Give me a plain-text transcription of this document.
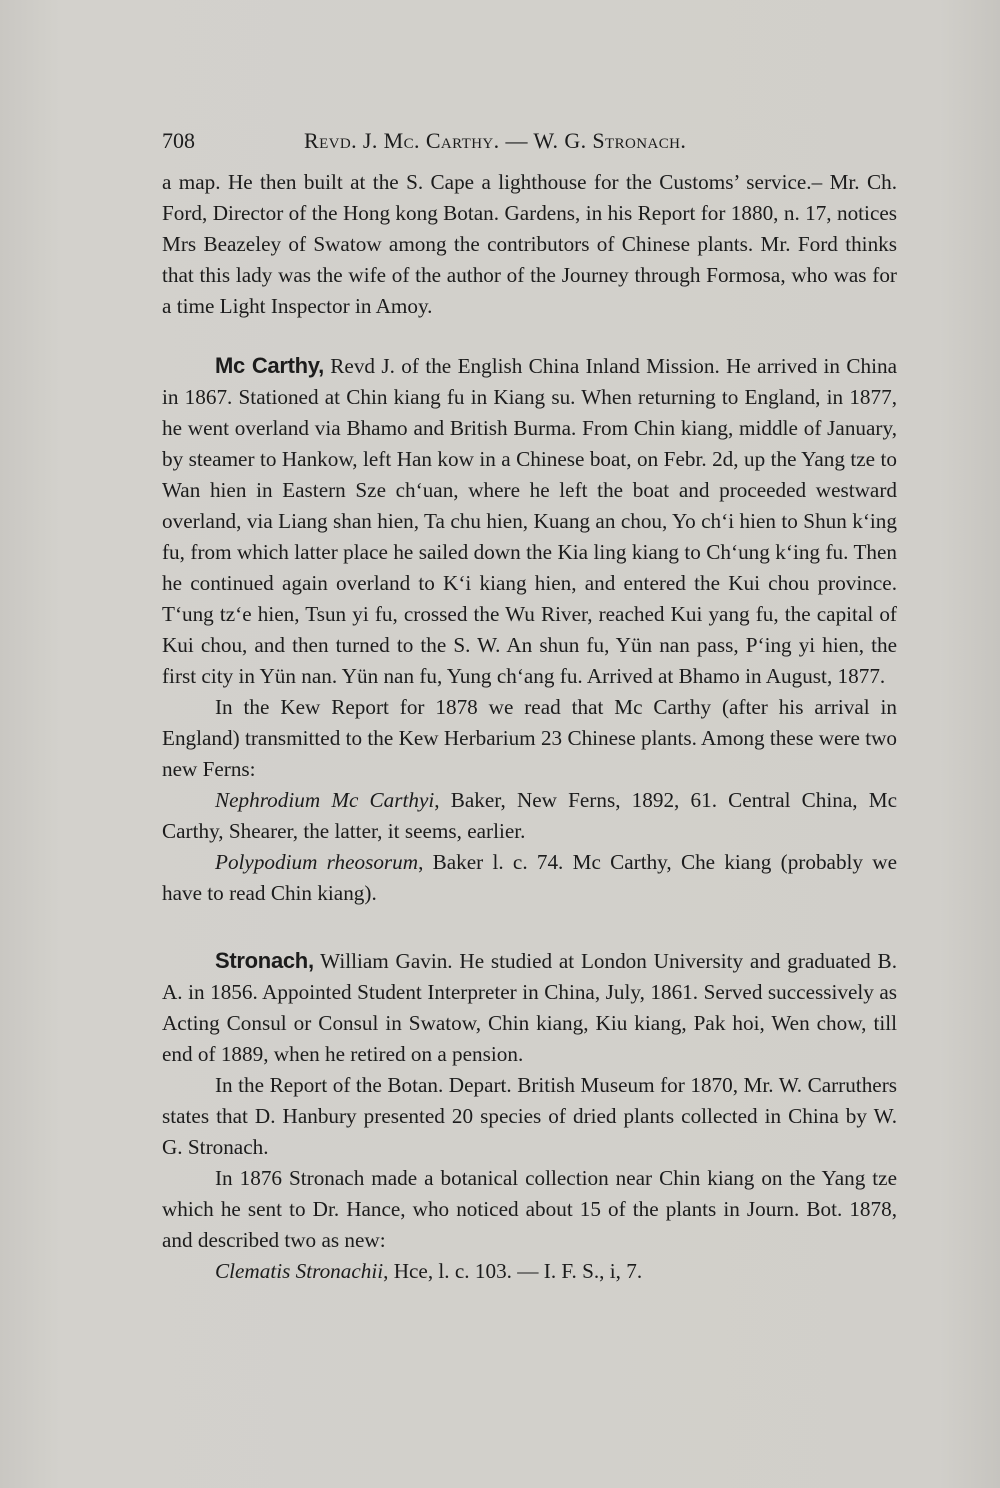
708	Revd. J. Mc. Carthy. — W. G. Stronach.

a map. He then built at the S. Cape a lighthouse for the Customs’ service.– Mr. Ch. Ford, Director of the Hong kong Botan. Gardens, in his Report for 1880, n. 17, notices Mrs Beazeley of Swatow among the contributors of Chinese plants. Mr. Ford thinks that this lady was the wife of the author of the Journey through Formosa, who was for a time Light Inspector in Amoy.

Mc Carthy, Revd J. of the English China Inland Mission. He arrived in China in 1867. Stationed at Chin kiang fu in Kiang su. When returning to England, in 1877, he went overland via Bhamo and British Burma. From Chin kiang, middle of January, by steamer to Hankow, left Han kow in a Chinese boat, on Febr. 2d, up the Yang tze to Wan hien in Eastern Sze chʻuan, where he left the boat and proceeded westward overland, via Liang shan hien, Ta chu hien, Kuang an chou, Yo chʻi hien to Shun kʻing fu, from which latter place he sailed down the Kia ling kiang to Chʻung kʻing fu. Then he continued again overland to Kʻi kiang hien, and entered the Kui chou province. Tʻung tzʻe hien, Tsun yi fu, crossed the Wu River, reached Kui yang fu, the capital of Kui chou, and then turned to the S. W. An shun fu, Yün nan pass, Pʻing yi hien, the first city in Yün nan. Yün nan fu, Yung chʻang fu. Arrived at Bhamo in August, 1877.

In the Kew Report for 1878 we read that Mc Carthy (after his arrival in England) transmitted to the Kew Herbarium 23 Chinese plants. Among these were two new Ferns:

Nephrodium Mc Carthyi, Baker, New Ferns, 1892, 61. Central China, Mc Carthy, Shearer, the latter, it seems, earlier.

Polypodium rheosorum, Baker l. c. 74. Mc Carthy, Che kiang (probably we have to read Chin kiang).

Stronach, William Gavin. He studied at London University and graduated B. A. in 1856. Appointed Student Interpreter in China, July, 1861. Served successively as Acting Consul or Consul in Swatow, Chin kiang, Kiu kiang, Pak hoi, Wen chow, till end of 1889, when he retired on a pension.

In the Report of the Botan. Depart. British Museum for 1870, Mr. W. Carruthers states that D. Hanbury presented 20 species of dried plants collected in China by W. G. Stronach.

In 1876 Stronach made a botanical collection near Chin kiang on the Yang tze which he sent to Dr. Hance, who noticed about 15 of the plants in Journ. Bot. 1878, and described two as new:

Clematis Stronachii, Hce, l. c. 103. — I. F. S., i, 7.
